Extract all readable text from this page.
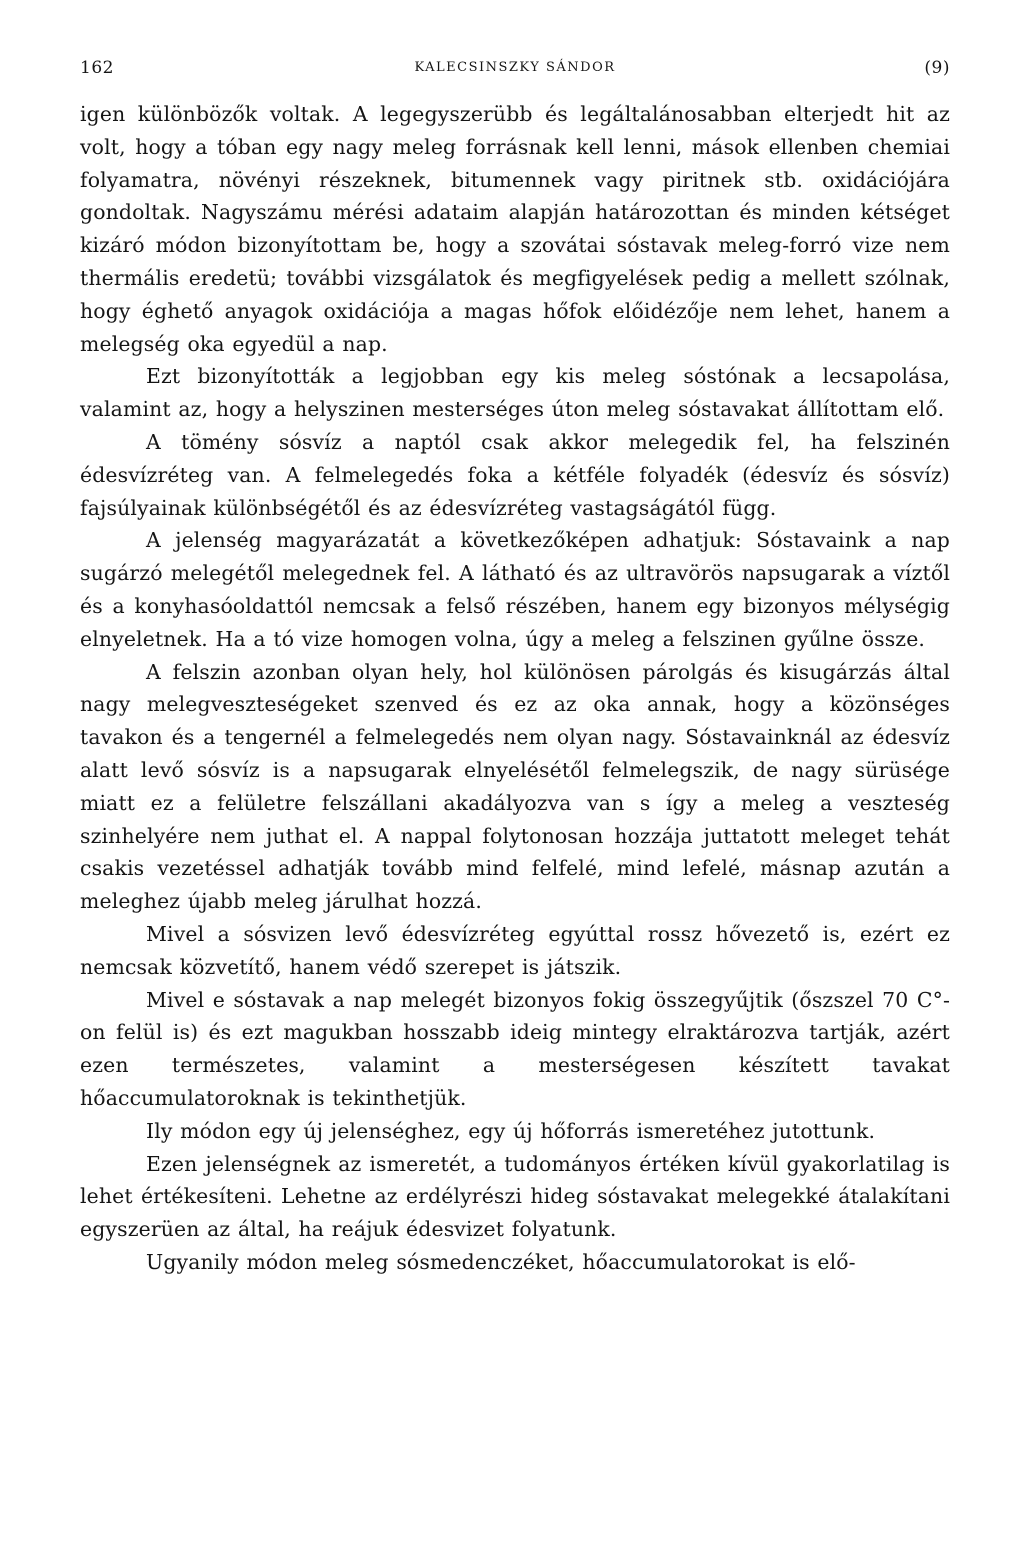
162	KALECSINSZKY SÁNDOR	(9)

igen különbözők voltak. A legegyszerübb és legáltalánosabban elterjedt hit az volt, hogy a tóban egy nagy meleg forrásnak kell lenni, mások ellenben chemiai folyamatra, növényi részeknek, bitumennek vagy piritnek stb. oxidációjára gondoltak. Nagyszámu mérési adataim alapján határozottan és minden kétséget kizáró módon bizonyítottam be, hogy a szovátai sóstavak meleg-forró vize nem thermális eredetü; további vizsgálatok és megfigyelések pedig a mellett szólnak, hogy éghető anyagok oxidációja a magas hőfok előidézője nem lehet, hanem a melegség oka egyedül a nap.

Ezt bizonyították a legjobban egy kis meleg sóstónak a lecsapolása, valamint az, hogy a helyszinen mesterséges úton meleg sóstavakat állítottam elő.

A tömény sósvíz a naptól csak akkor melegedik fel, ha felszinén édesvízréteg van. A felmelegedés foka a kétféle folyadék (édesvíz és sósvíz) fajsúlyainak különbségétől és az édesvízréteg vastagságától függ.

A jelenség magyarázatát a következőképen adhatjuk: Sóstavaink a nap sugárzó melegétől melegednek fel. A látható és az ultravörös napsugarak a víztől és a konyhasóoldattól nemcsak a felső részében, hanem egy bizonyos mélységig elnyeletnek. Ha a tó vize homogen volna, úgy a meleg a felszinen gyűlne össze.

A felszin azonban olyan hely, hol különösen párolgás és kisugárzás által nagy melegveszteségeket szenved és ez az oka annak, hogy a közönséges tavakon és a tengernél a felmelegedés nem olyan nagy. Sóstavainknál az édesvíz alatt levő sósvíz is a napsugarak elnyelésétől felmelegszik, de nagy sürüsége miatt ez a felületre felszállani akadályozva van s így a meleg a veszteség szinhelyére nem juthat el. A nappal folytonosan hozzája juttatott meleget tehát csakis vezetéssel adhatják tovább mind felfelé, mind lefelé, másnap azután a meleghez újabb meleg járulhat hozzá.

Mivel a sósvizen levő édesvízréteg egyúttal rossz hővezető is, ezért ez nemcsak közvetítő, hanem védő szerepet is játszik.

Mivel e sóstavak a nap melegét bizonyos fokig összegyűjtik (őszszel 70 C°-on felül is) és ezt magukban hosszabb ideig mintegy elraktározva tartják, azért ezen természetes, valamint a mesterségesen készített tavakat hőaccumulatoroknak is tekinthetjük.

Ily módon egy új jelenséghez, egy új hőforrás ismeretéhez jutottunk.

Ezen jelenségnek az ismeretét, a tudományos értéken kívül gyakorlatilag is lehet értékesíteni. Lehetne az erdélyrészi hideg sóstavakat melegekké átalakítani egyszerüen az által, ha reájuk édesvizet folyatunk.

Ugyanily módon meleg sósmedenczéket, hőaccumulatorokat is elő-
